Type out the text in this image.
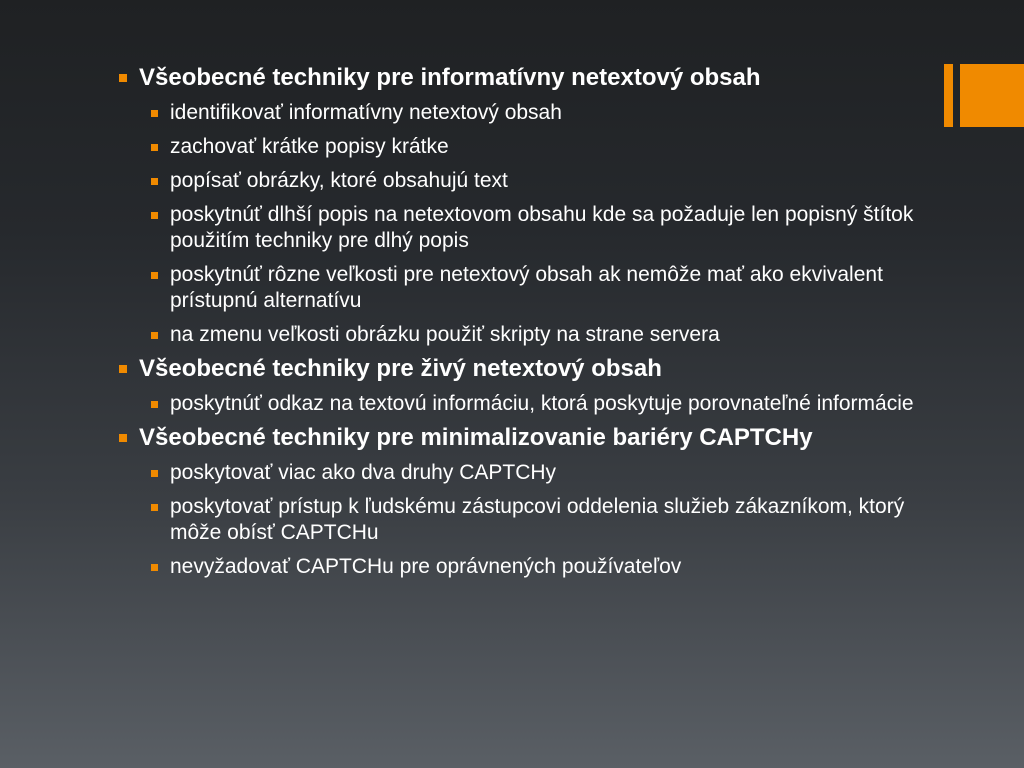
Všeobecné techniky pre informatívny netextový obsah
identifikovať informatívny netextový obsah
zachovať krátke popisy krátke
popísať obrázky, ktoré obsahujú text
poskytnúť dlhší popis na netextovom obsahu kde sa požaduje len popisný štítok použitím techniky pre dlhý popis
poskytnúť rôzne veľkosti pre netextový obsah ak nemôže mať ako ekvivalent prístupnú alternatívu
na zmenu veľkosti obrázku použiť skripty na strane servera
Všeobecné techniky pre živý netextový obsah
poskytnúť odkaz na textovú informáciu, ktorá poskytuje porovnateľné informácie
Všeobecné techniky pre minimalizovanie bariéry CAPTCHy
poskytovať viac ako dva druhy CAPTCHy
poskytovať prístup k ľudskému zástupcovi oddelenia služieb zákazníkom, ktorý môže obísť CAPTCHu
nevyžadovať CAPTCHu pre oprávnených používateľov
